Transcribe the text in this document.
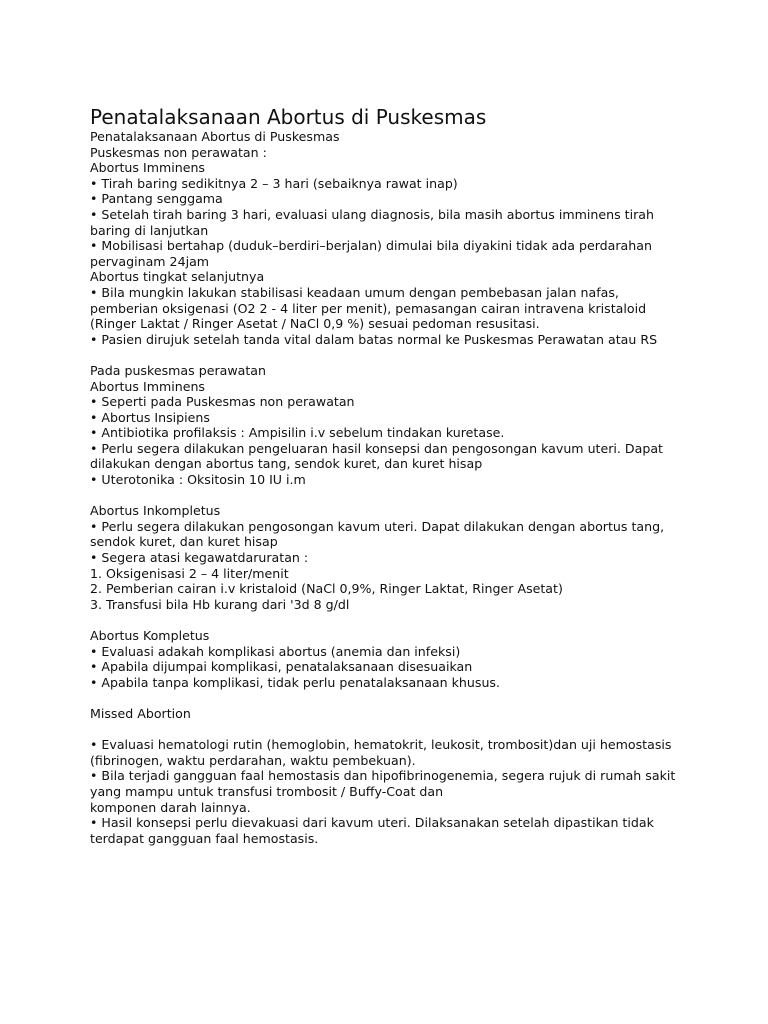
Penatalaksanaan Abortus di Puskesmas
Penatalaksanaan Abortus di Puskesmas
Puskesmas non perawatan :
Abortus Imminens
• Tirah baring sedikitnya 2 – 3 hari (sebaiknya rawat inap)
• Pantang senggama
• Setelah tirah baring 3 hari, evaluasi ulang diagnosis, bila masih abortus imminens tirah
baring di lanjutkan
• Mobilisasi bertahap (duduk–berdiri–berjalan) dimulai bila diyakini tidak ada perdarahan
pervaginam 24jam
Abortus tingkat selanjutnya
• Bila mungkin lakukan stabilisasi keadaan umum dengan pembebasan jalan nafas,
pemberian oksigenasi (O2 2 - 4 liter per menit), pemasangan cairan intravena kristaloid
(Ringer Laktat / Ringer Asetat / NaCl 0,9 %) sesuai pedoman resusitasi.
• Pasien dirujuk setelah tanda vital dalam batas normal ke Puskesmas Perawatan atau RS
Pada puskesmas perawatan
Abortus Imminens
• Seperti pada Puskesmas non perawatan
• Abortus Insipiens
• Antibiotika profilaksis : Ampisilin i.v sebelum tindakan kuretase.
• Perlu segera dilakukan pengeluaran hasil konsepsi dan pengosongan kavum uteri. Dapat
dilakukan dengan abortus tang, sendok kuret, dan kuret hisap
• Uterotonika : Oksitosin 10 IU i.m
Abortus Inkompletus
• Perlu segera dilakukan pengosongan kavum uteri. Dapat dilakukan dengan abortus tang,
sendok kuret, dan kuret hisap
• Segera atasi kegawatdaruratan :
1. Oksigenisasi 2 – 4 liter/menit
2. Pemberian cairan i.v kristaloid (NaCl 0,9%, Ringer Laktat, Ringer Asetat)
3. Transfusi bila Hb kurang dari '3d 8 g/dl
Abortus Kompletus
• Evaluasi adakah komplikasi abortus (anemia dan infeksi)
• Apabila dijumpai komplikasi, penatalaksanaan disesuaikan
• Apabila tanpa komplikasi, tidak perlu penatalaksanaan khusus.
Missed Abortion
• Evaluasi hematologi rutin (hemoglobin, hematokrit, leukosit, trombosit)dan uji hemostasis
(fibrinogen, waktu perdarahan, waktu pembekuan).
• Bila terjadi gangguan faal hemostasis dan hipofibrinogenemia, segera rujuk di rumah sakit
yang mampu untuk transfusi trombosit / Buffy-Coat dan
komponen darah lainnya.
• Hasil konsepsi perlu dievakuasi dari kavum uteri. Dilaksanakan setelah dipastikan tidak
terdapat gangguan faal hemostasis.
